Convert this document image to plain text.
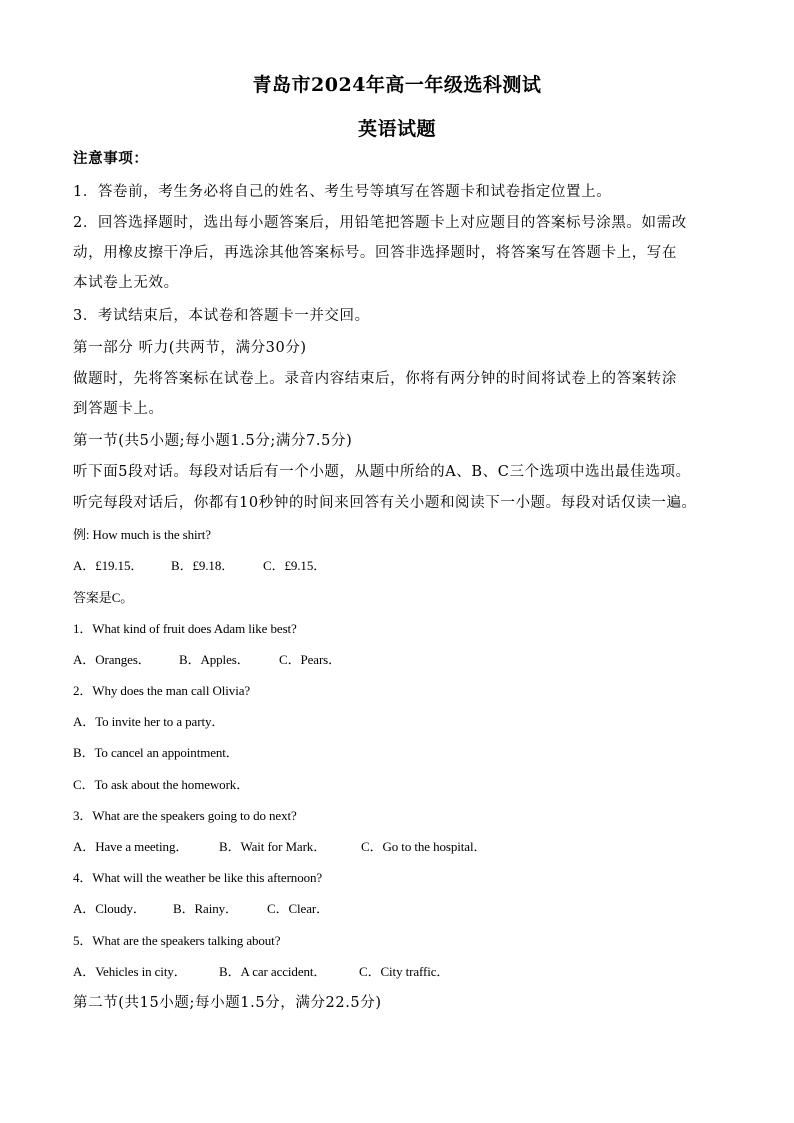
青岛市2024年高一年级选科测试
英语试题
注意事项：
1．答卷前，考生务必将自己的姓名、考生号等填写在答题卡和试卷指定位置上。
2．回答选择题时，选出每小题答案后，用铅笔把答题卡上对应题目的答案标号涂黑。如需改
动，用橡皮擦干净后，再选涂其他答案标号。回答非选择题时，将答案写在答题卡上，写在
本试卷上无效。
3．考试结束后，本试卷和答题卡一并交回。
第一部分 听力(共两节，满分30分)
做题时，先将答案标在试卷上。录音内容结束后，你将有两分钟的时间将试卷上的答案转涂
到答题卡上。
第一节(共5小题;每小题1.5分;满分7.5分)
听下面5段对话。每段对话后有一个小题，从题中所给的A、B、C三个选项中选出最佳选项。
听完每段对话后，你都有10秒钟的时间来回答有关小题和阅读下一小题。每段对话仅读一遍。
例: How much is the shirt?
A．£19.15． B．£9.18． C．£9.15．
答案是C。
1．What kind of fruit does Adam like best?
A．Oranges． B．Apples． C．Pears．
2．Why does the man call Olivia?
A．To invite her to a party．
B．To cancel an appointment．
C．To ask about the homework．
3．What are the speakers going to do next?
A．Have a meeting． B．Wait for Mark．	C．Go to the hospital．
4．What will the weather be like this afternoon?
A．Cloudy． B．Rainy． C．Clear．
5．What are the speakers talking about?
A．Vehicles in city． B．A car accident．	C．City traffic．
第二节(共15小题;每小题1.5分，满分22.5分)
